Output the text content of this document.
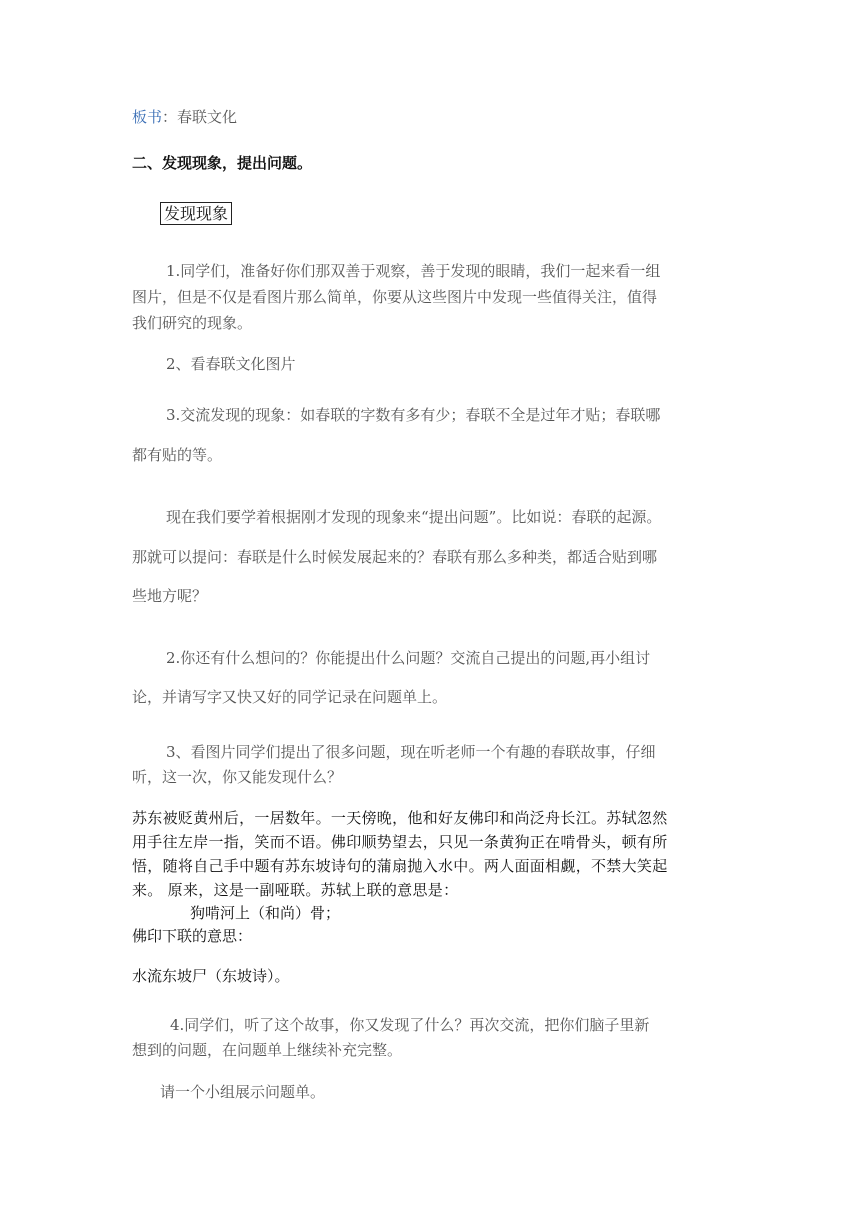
板书：春联文化
二、发现现象，提出问题。
发现现象
1.同学们，准备好你们那双善于观察，善于发现的眼睛，我们一起来看一组
图片，但是不仅是看图片那么简单，你要从这些图片中发现一些值得关注，值得
我们研究的现象。
2、看春联文化图片
3.交流发现的现象：如春联的字数有多有少；春联不全是过年才贴；春联哪
都有贴的等。
现在我们要学着根据刚才发现的现象来“提出问题”。比如说：春联的起源。
那就可以提问：春联是什么时候发展起来的？春联有那么多种类，都适合贴到哪
些地方呢？
2.你还有什么想问的？你能提出什么问题？交流自己提出的问题,再小组讨
论，并请写字又快又好的同学记录在问题单上。
3、看图片同学们提出了很多问题，现在听老师一个有趣的春联故事，仔细
听，这一次，你又能发现什么？
苏东被贬黄州后，一居数年。一天傍晚，他和好友佛印和尚泛舟长江。苏轼忽然
用手往左岸一指，笑而不语。佛印顺势望去，只见一条黄狗正在啃骨头，顿有所
悟，随将自己手中题有苏东坡诗句的蒲扇抛入水中。两人面面相觑，不禁大笑起
来。 原来，这是一副哑联。苏轼上联的意思是：
狗啃河上（和尚）骨；
佛印下联的意思：
水流东坡尸（东坡诗）。
4.同学们，听了这个故事，你又发现了什么？再次交流，把你们脑子里新
想到的问题，在问题单上继续补充完整。
请一个小组展示问题单。
